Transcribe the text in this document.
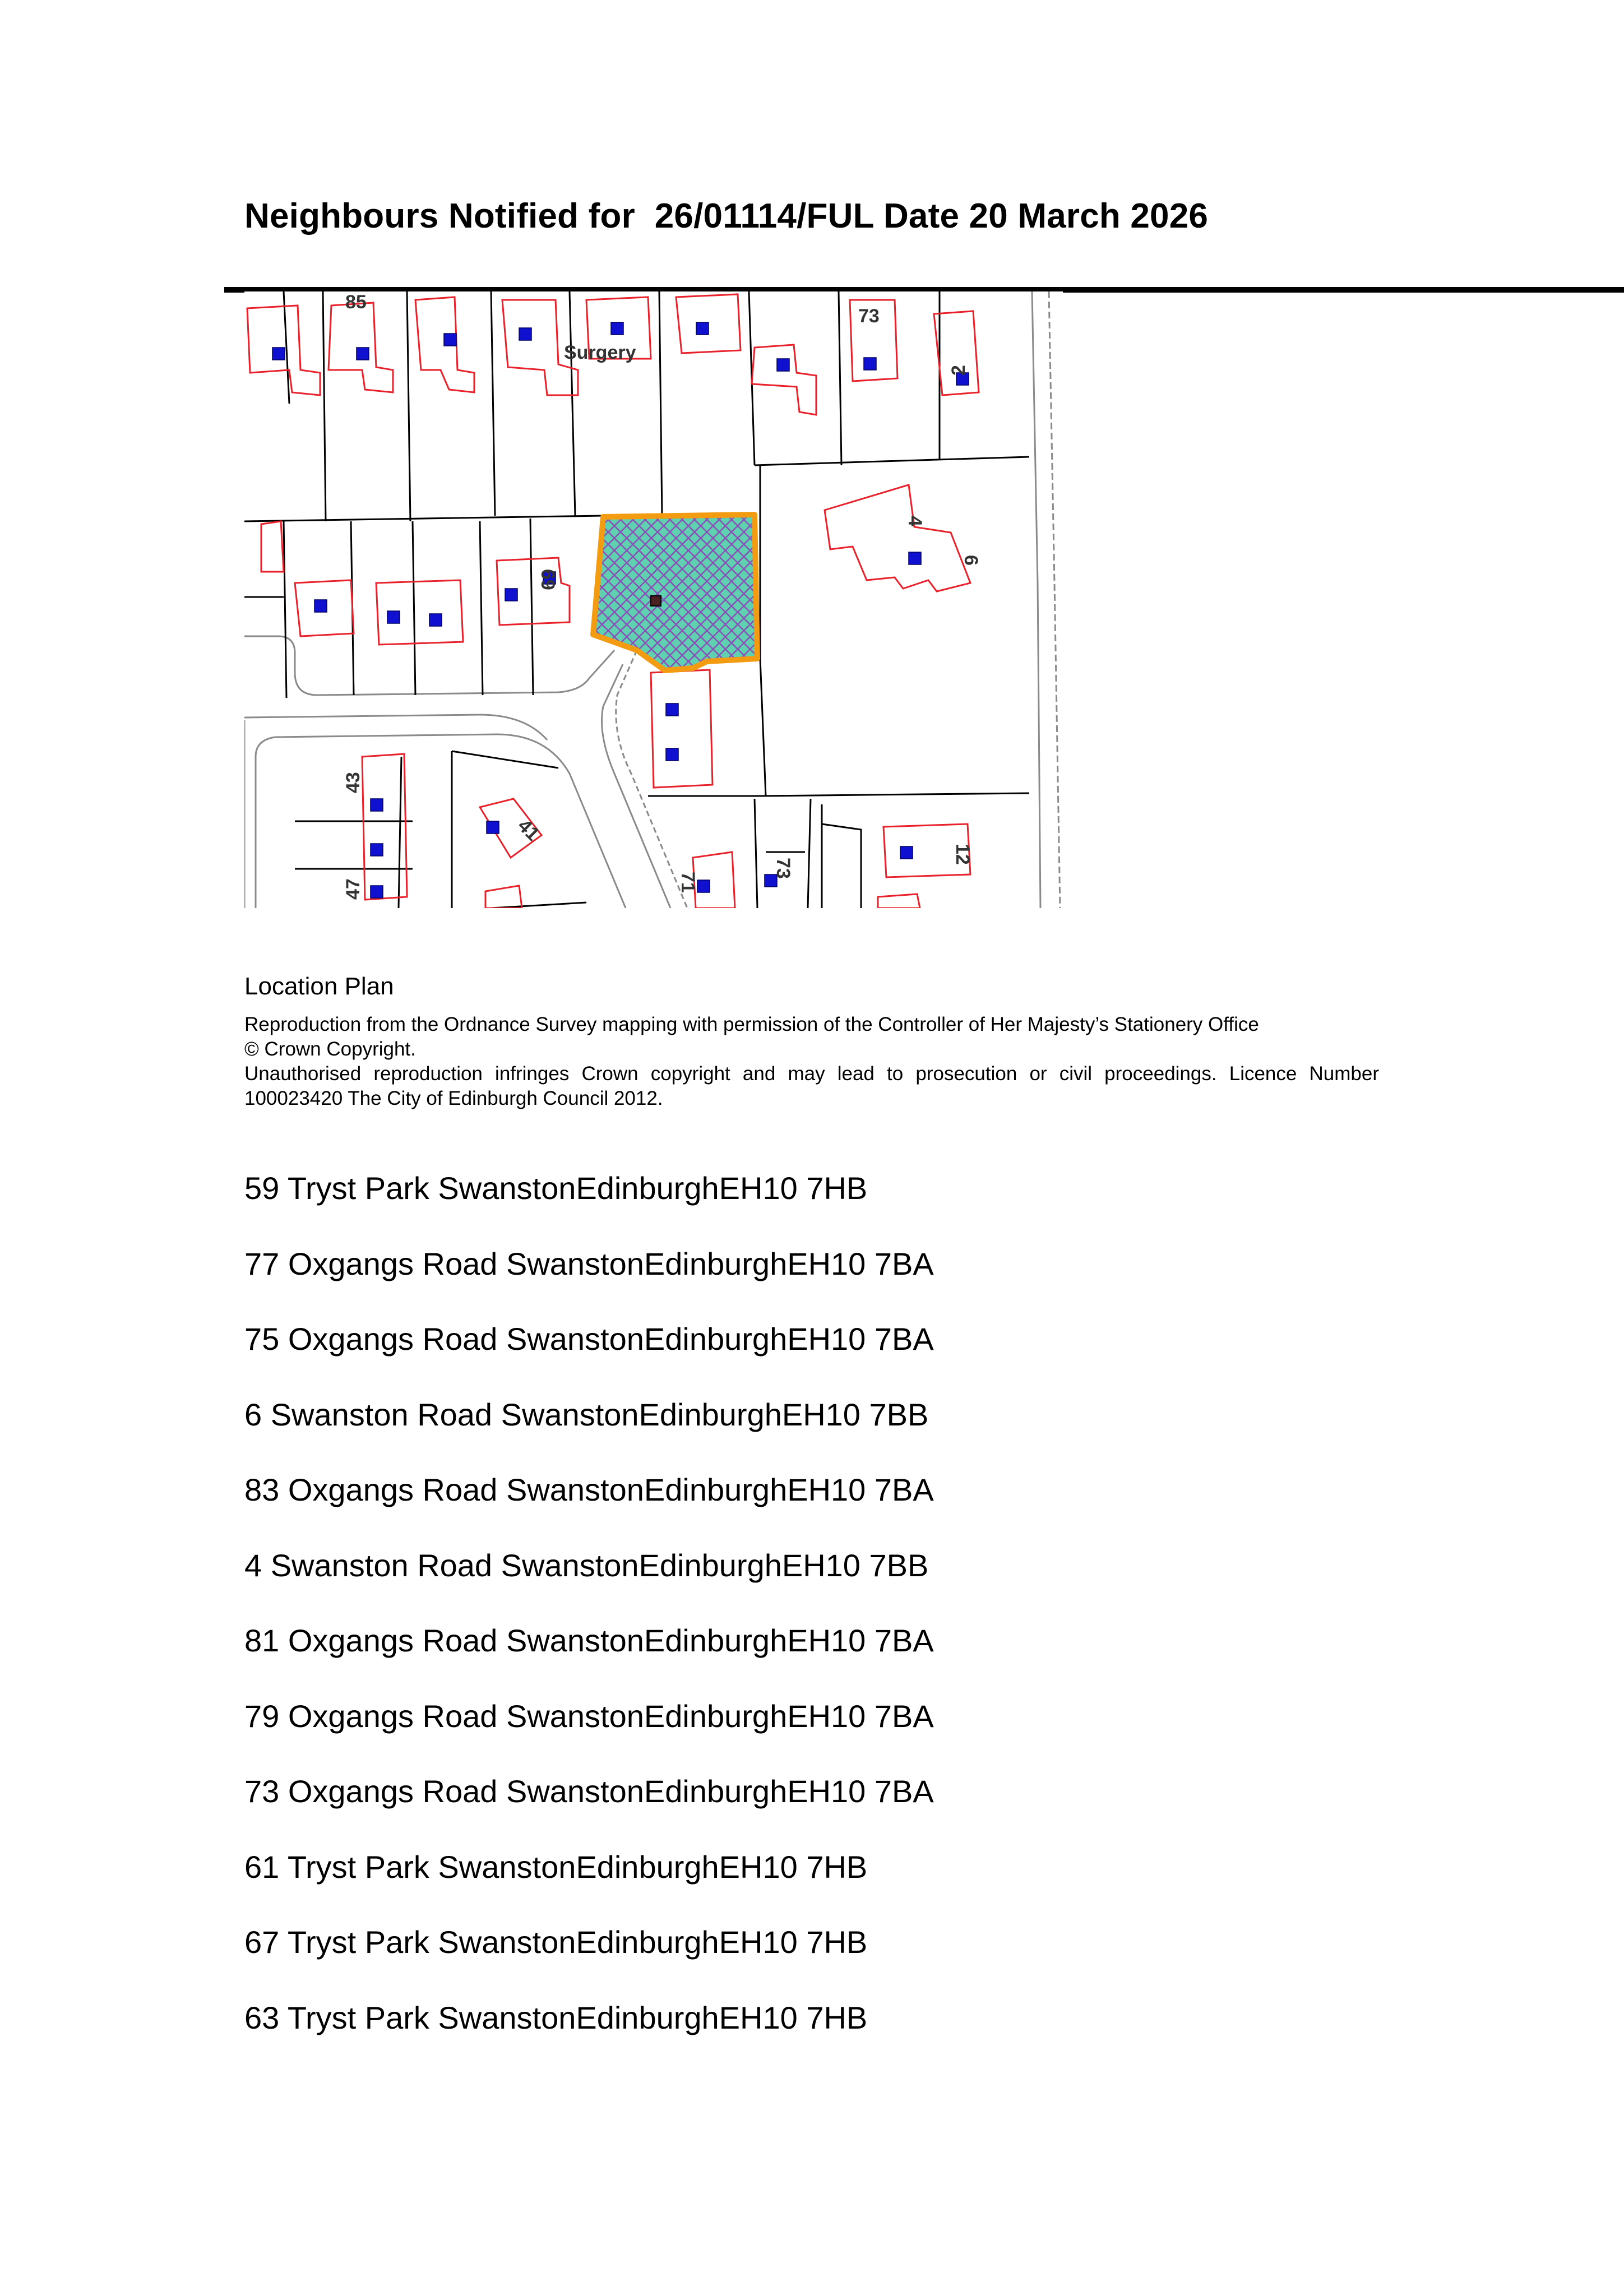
Neighbours Notified for  26/01114/FUL Date 20 March 2026
85
Surgery
73
2
4
6
69
43
41
47	71
73
12
Location Plan

Reproduction from the Ordnance Survey mapping with permission of the Controller of Her Majesty’s Stationery Office

© Crown Copyright.

Unauthorised reproduction infringes Crown copyright and may lead to prosecution or civil proceedings. Licence Number 100023420 The City of Edinburgh Council 2012.

59 Tryst Park SwanstonEdinburghEH10 7HB
77 Oxgangs Road SwanstonEdinburghEH10 7BA
75 Oxgangs Road SwanstonEdinburghEH10 7BA
6 Swanston Road SwanstonEdinburghEH10 7BB
83 Oxgangs Road SwanstonEdinburghEH10 7BA
4 Swanston Road SwanstonEdinburghEH10 7BB
81 Oxgangs Road SwanstonEdinburghEH10 7BA
79 Oxgangs Road SwanstonEdinburghEH10 7BA
73 Oxgangs Road SwanstonEdinburghEH10 7BA
61 Tryst Park SwanstonEdinburghEH10 7HB
67 Tryst Park SwanstonEdinburghEH10 7HB
63 Tryst Park SwanstonEdinburghEH10 7HB
